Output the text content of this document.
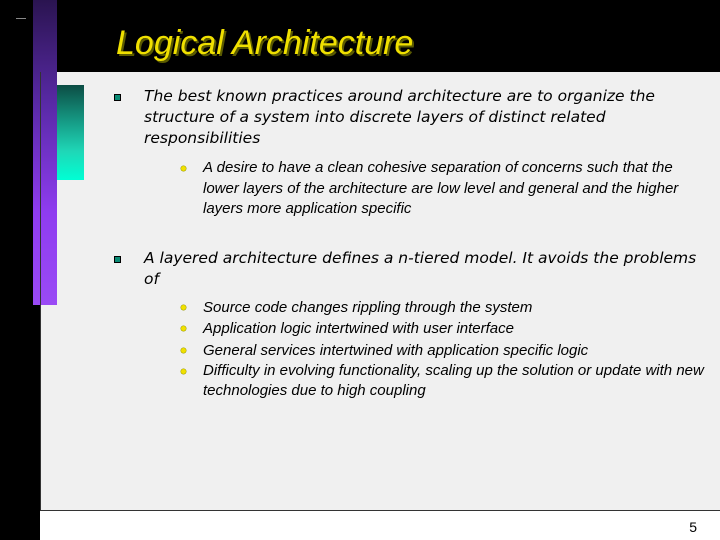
Logical Architecture
The best known practices around architecture are to organize the structure of a system into discrete layers of distinct related responsibilities
A desire to have a clean cohesive separation of concerns such that the lower layers of the architecture are low level and general and the higher layers more application specific
A layered architecture defines a n-tiered model. It avoids the problems of
Source code changes rippling through the system
Application logic intertwined with user interface
General services intertwined with application specific logic
Difficulty in evolving functionality, scaling up the solution or update with new technologies due to high coupling
5
